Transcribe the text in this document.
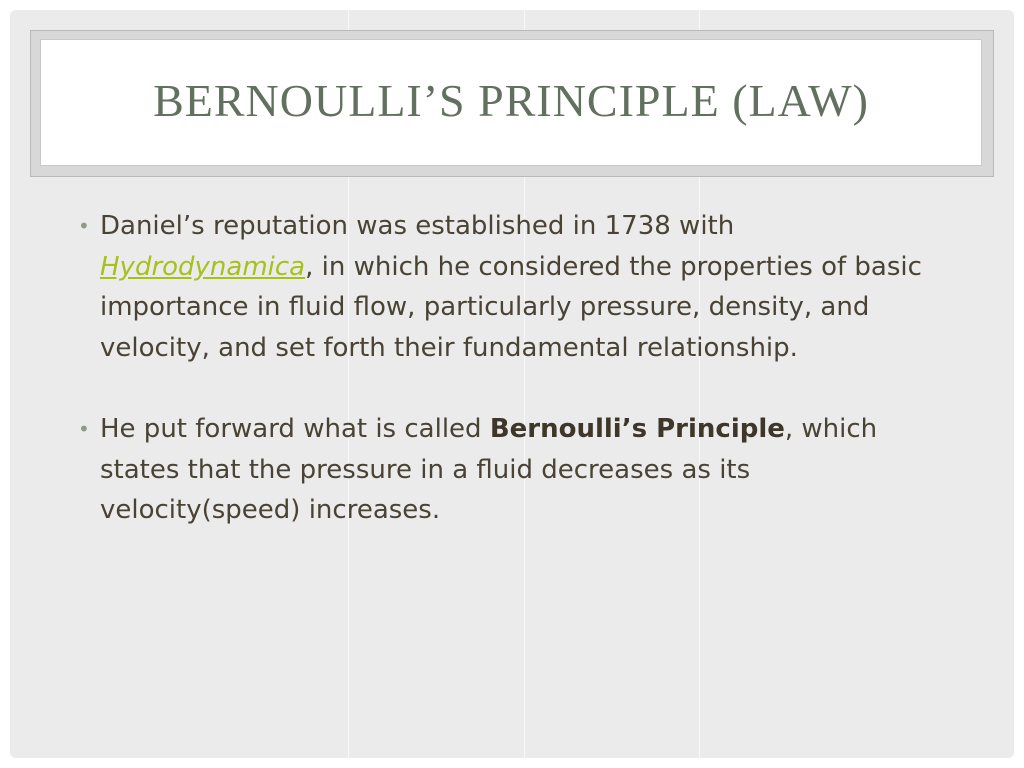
BERNOULLI’S PRINCIPLE (LAW)
• Daniel’s reputation was established in 1738 with Hydrodynamica, in which he considered the properties of basic importance in fluid flow, particularly pressure, density, and velocity, and set forth their fundamental relationship.
• He put forward what is called Bernoulli’s Principle, which states that the pressure in a fluid decreases as its velocity(speed) increases.
